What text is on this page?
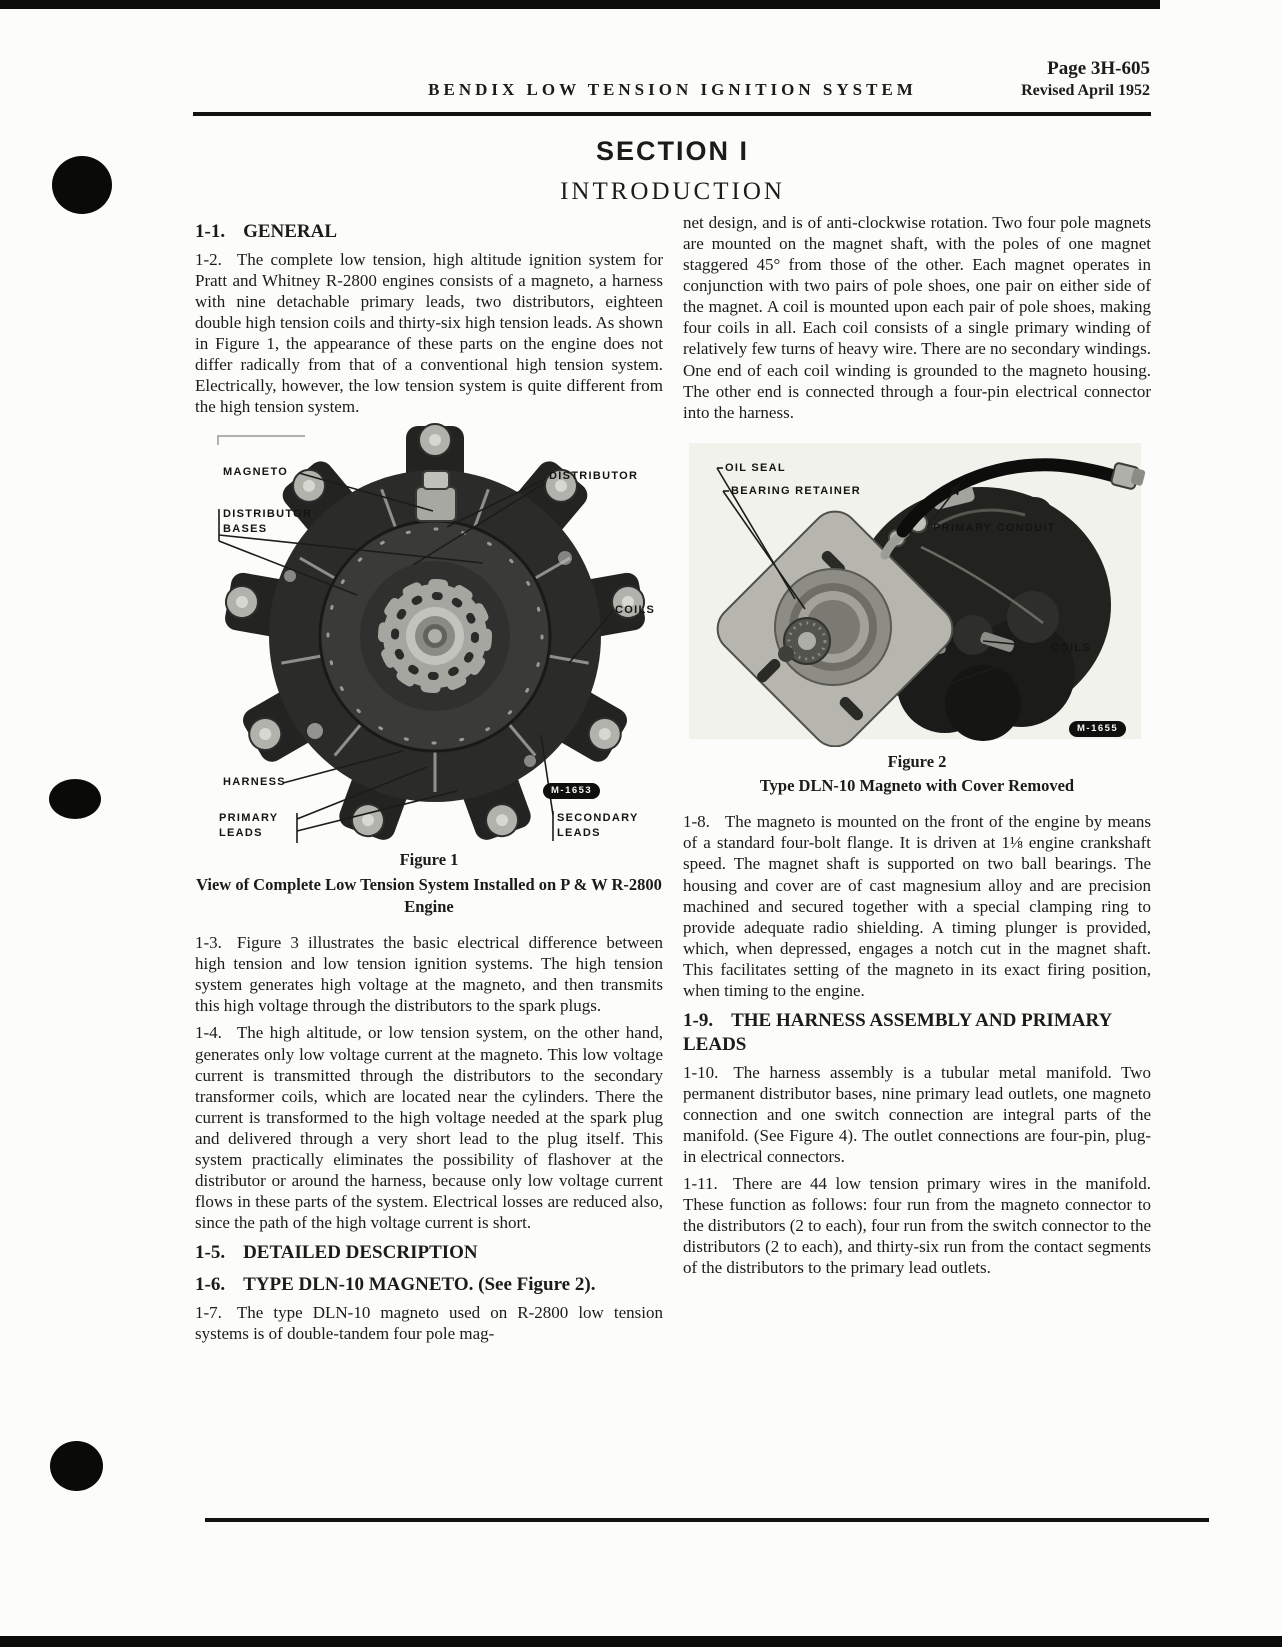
BENDIX LOW TENSION IGNITION SYSTEM
Page 3H-605
Revised April 1952
SECTION I
INTRODUCTION
1-1. GENERAL

1-2. The complete low tension, high altitude ignition system for Pratt and Whitney R-2800 engines consists of a magneto, a harness with nine detachable primary leads, two distributors, eighteen double high tension coils and thirty-six high tension leads. As shown in Figure 1, the appearance of these parts on the engine does not differ radically from that of a conventional high tension system. Electrically, however, the low tension system is quite different from the high tension system.

MAGNETO	DISTRIBUTOR
DISTRIBUTOR BASES
COILS
HARNESS
PRIMARY LEADS
SECONDARY LEADS
M-1653
Figure 1
View of Complete Low Tension System Installed on P & W R-2800 Engine

1-3. Figure 3 illustrates the basic electrical difference between high tension and low tension ignition systems. The high tension system generates high voltage at the magneto, and then transmits this high voltage through the distributors to the spark plugs.

1-4. The high altitude, or low tension system, on the other hand, generates only low voltage current at the magneto. This low voltage current is transmitted through the distributors to the secondary transformer coils, which are located near the cylinders. There the current is transformed to the high voltage needed at the spark plug and delivered through a very short lead to the plug itself. This system practically eliminates the possibility of flashover at the distributor or around the harness, because only low voltage current flows in these parts of the system. Electrical losses are reduced also, since the path of the high voltage current is short.

1-5. DETAILED DESCRIPTION
1-6. TYPE DLN-10 MAGNETO. (See Figure 2).

1-7. The type DLN-10 magneto used on R-2800 low tension systems is of double-tandem four pole mag-

net design, and is of anti-clockwise rotation. Two four pole magnets are mounted on the magnet shaft, with the poles of one magnet staggered 45° from those of the other. Each magnet operates in conjunction with two pairs of pole shoes, one pair on either side of the magnet. A coil is mounted upon each pair of pole shoes, making four coils in all. Each coil consists of a single primary winding of relatively few turns of heavy wire. There are no secondary windings. One end of each coil winding is grounded to the magneto housing. The other end is connected through a four-pin electrical connector into the harness.

OIL SEAL
BEARING RETAINER
PRIMARY CONDUIT
COILS
M-1655
Figure 2
Type DLN-10 Magneto with Cover Removed

1-8. The magneto is mounted on the front of the engine by means of a standard four-bolt flange. It is driven at 1⅛ engine crankshaft speed. The magnet shaft is supported on two ball bearings. The housing and cover are of cast magnesium alloy and are precision machined and secured together with a special clamping ring to provide adequate radio shielding. A timing plunger is provided, which, when depressed, engages a notch cut in the magnet shaft. This facilitates setting of the magneto in its exact firing position, when timing to the engine.

1-9. THE HARNESS ASSEMBLY AND PRIMARY LEADS

1-10. The harness assembly is a tubular metal manifold. Two permanent distributor bases, nine primary lead outlets, one magneto connection and one switch connection are integral parts of the manifold. (See Figure 4). The outlet connections are four-pin, plug-in electrical connectors.

1-11. There are 44 low tension primary wires in the manifold. These function as follows: four run from the magneto connector to the distributors (2 to each), four run from the switch connector to the distributors (2 to each), and thirty-six run from the contact segments of the distributors to the primary lead outlets.
